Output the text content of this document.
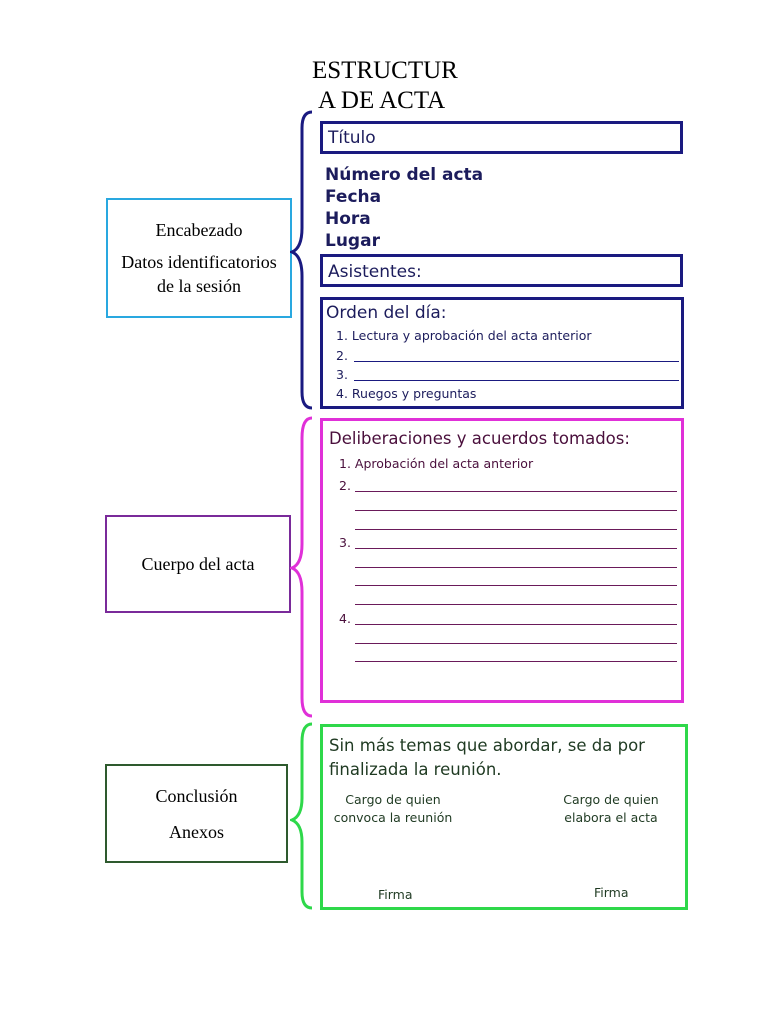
ESTRUCTUR
A DE ACTA
Encabezado
Datos identificatorios de la sesión
Cuerpo del acta
Conclusión
Anexos
Título
Número del acta
Fecha
Hora
Lugar
Asistentes:
Orden del día:
1. Lectura y aprobación del acta anterior
2.
3.
4. Ruegos y preguntas
Deliberaciones y acuerdos tomados:
1. Aprobación del acta anterior
2.
3.
4.
Sin más temas que abordar, se da por
finalizada la reunión.
Cargo de quien
convoca la reunión
Cargo de quien
elabora el acta
Firma	Firma
